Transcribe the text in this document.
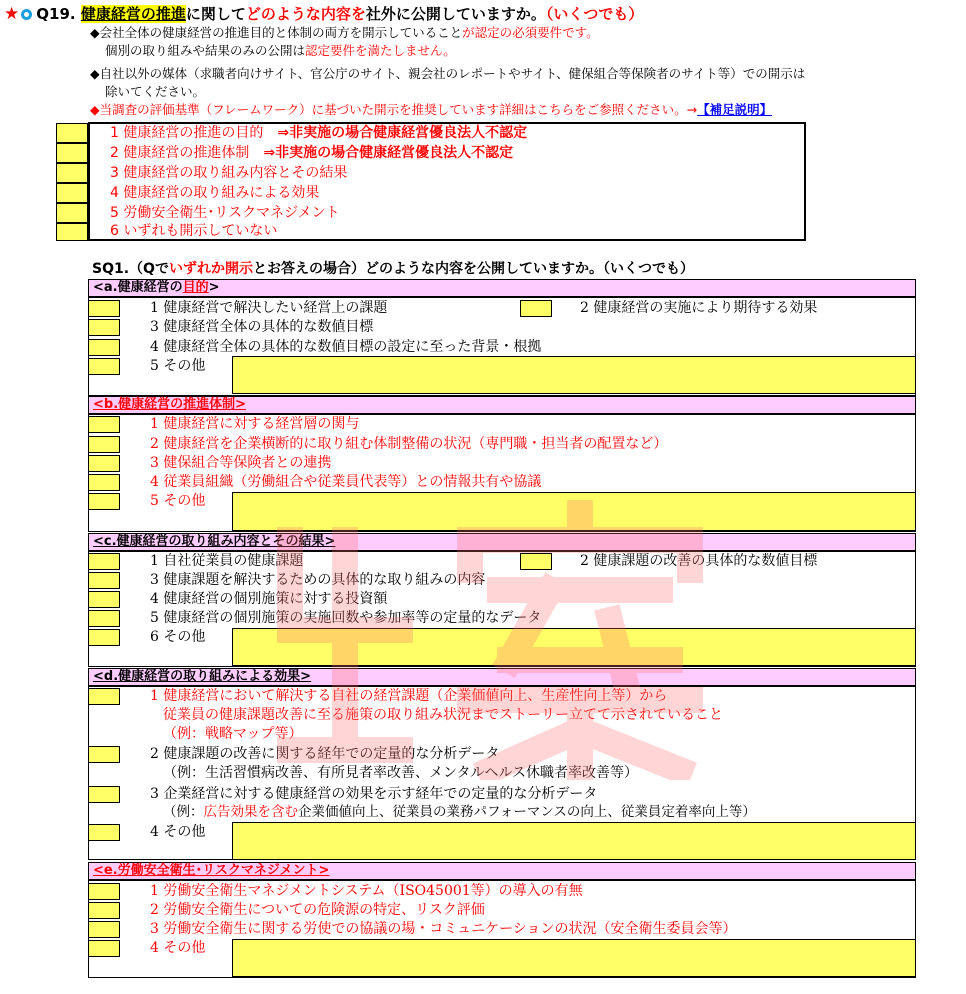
★ Q19. 健康経営の推進に関してどのような内容を社外に公開していますか。（いくつでも）
◆会社全体の健康経営の推進目的と体制の両方を開示していることが認定の必須要件です。
個別の取り組みや結果のみの公開は認定要件を満たしません。
◆自社以外の媒体（求職者向けサイト、官公庁のサイト、親会社のレポートやサイト、健保組合等保険者のサイト等）での開示は
除いてください。
◆当調査の評価基準（フレームワーク）に基づいた開示を推奨しています詳細はこちらをご参照ください。→【補足説明】
1 健康経営の推進の目的　 ⇒非実施の場合健康経営優良法人不認定
2 健康経営の推進体制　 ⇒非実施の場合健康経営優良法人不認定
3 健康経営の取り組み内容とその結果
4 健康経営の取り組みによる効果
5 労働安全衛生･リスクマネジメント
6 いずれも開示していない
SQ1.（Qでいずれか開示とお答えの場合）どのような内容を公開していますか。（いくつでも）
<a.健康経営の目的>
1 健康経営で解決したい経営上の課題	2 健康経営の実施により期待する効果
3 健康経営全体の具体的な数値目標
4 健康経営全体の具体的な数値目標の設定に至った背景・根拠
5 その他
<b.健康経営の推進体制>
1 健康経営に対する経営層の関与
2 健康経営を企業横断的に取り組む体制整備の状況（専門職・担当者の配置など）
3 健保組合等保険者との連携
4 従業員組織（労働組合や従業員代表等）との情報共有や協議
5 その他
<c.健康経営の取り組み内容とその結果>
1 自社従業員の健康課題	2 健康課題の改善の具体的な数値目標
3 健康課題を解決するための具体的な取り組みの内容
4 健康経営の個別施策に対する投資額
5 健康経営の個別施策の実施回数や参加率等の定量的なデータ
6 その他
<d.健康経営の取り組みによる効果>
1 健康経営において解決する自社の経営課題（企業価値向上、生産性向上等）から
従業員の健康課題改善に至る施策の取り組み状況までストーリー立てて示されていること
（例：戦略マップ等）
2 健康課題の改善に関する経年での定量的な分析データ
（例：生活習慣病改善、有所見者率改善、メンタルヘルス休職者率改善等）
3 企業経営に対する健康経営の効果を示す経年での定量的な分析データ
（例：広告効果を含む企業価値向上、従業員の業務パフォーマンスの向上、従業員定着率向上等）
4 その他
<e.労働安全衛生･リスクマネジメント>
1 労働安全衛生マネジメントシステム（ISO45001等）の導入の有無
2 労働安全衛生についての危険源の特定、リスク評価
3 労働安全衛生に関する労使での協議の場・コミュニケーションの状況（安全衛生委員会等）
4 その他
